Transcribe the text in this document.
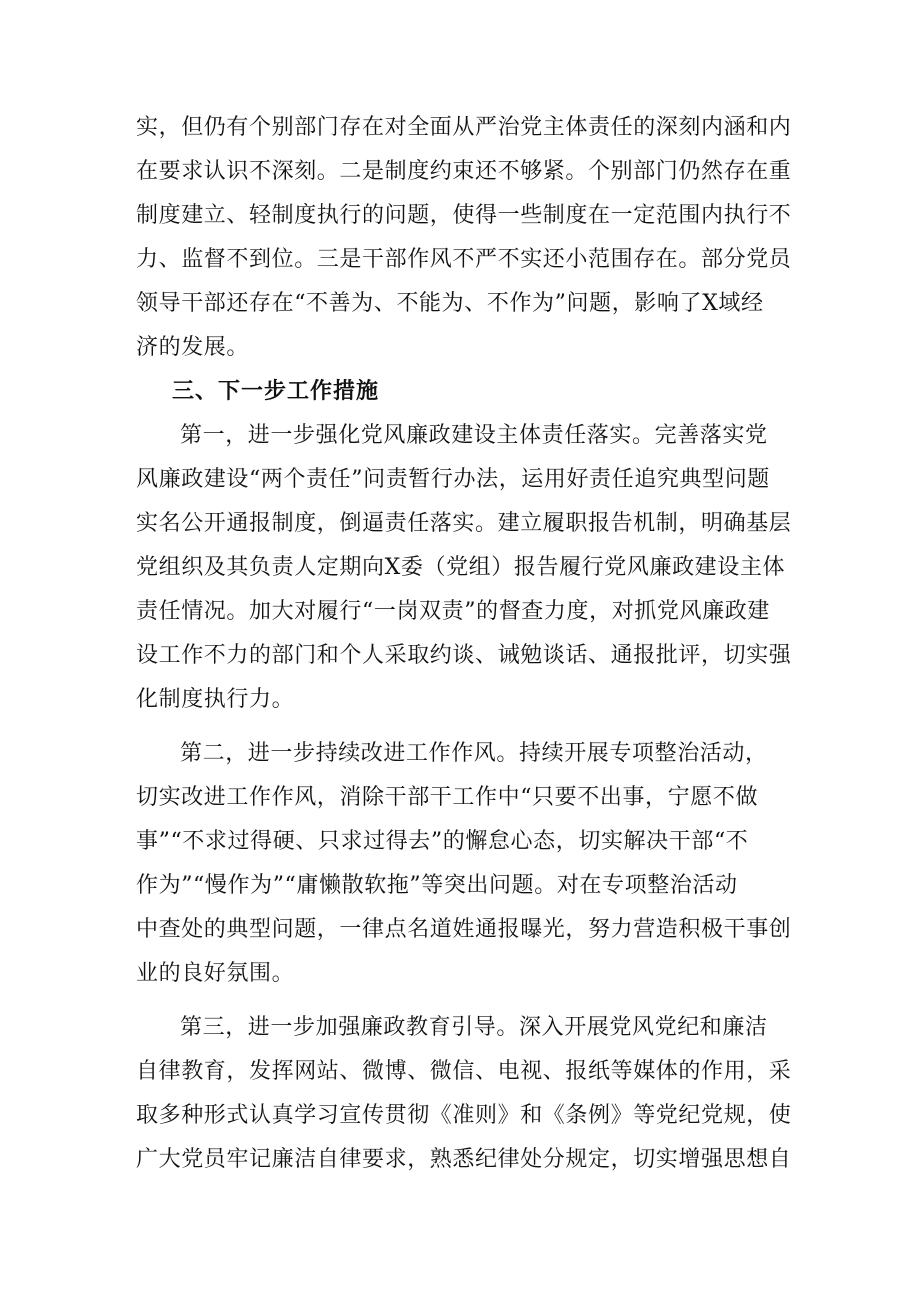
实，但仍有个别部门存在对全面从严治党主体责任的深刻内涵和内
在要求认识不深刻。二是制度约束还不够紧。个别部门仍然存在重
制度建立、轻制度执行的问题，使得一些制度在一定范围内执行不
力、监督不到位。三是干部作风不严不实还小范围存在。部分党员
领导干部还存在“不善为、不能为、不作为”问题，影响了X域经
济的发展。
三、下一步工作措施
第一，进一步强化党风廉政建设主体责任落实。完善落实党
风廉政建设“两个责任”问责暂行办法，运用好责任追究典型问题
实名公开通报制度，倒逼责任落实。建立履职报告机制，明确基层
党组织及其负责人定期向X委（党组）报告履行党风廉政建设主体
责任情况。加大对履行“一岗双责”的督查力度，对抓党风廉政建
设工作不力的部门和个人采取约谈、诫勉谈话、通报批评，切实强
化制度执行力。
第二，进一步持续改进工作作风。持续开展专项整治活动，
切实改进工作作风，消除干部干工作中“只要不出事，宁愿不做
事”“不求过得硬、只求过得去”的懈怠心态，切实解决干部“不
作为”“慢作为”“庸懒散软拖”等突出问题。对在专项整治活动
中查处的典型问题，一律点名道姓通报曝光，努力营造积极干事创
业的良好氛围。
第三，进一步加强廉政教育引导。深入开展党风党纪和廉洁
自律教育，发挥网站、微博、微信、电视、报纸等媒体的作用，采
取多种形式认真学习宣传贯彻《准则》和《条例》等党纪党规，使
广大党员牢记廉洁自律要求，熟悉纪律处分规定，切实增强思想自
